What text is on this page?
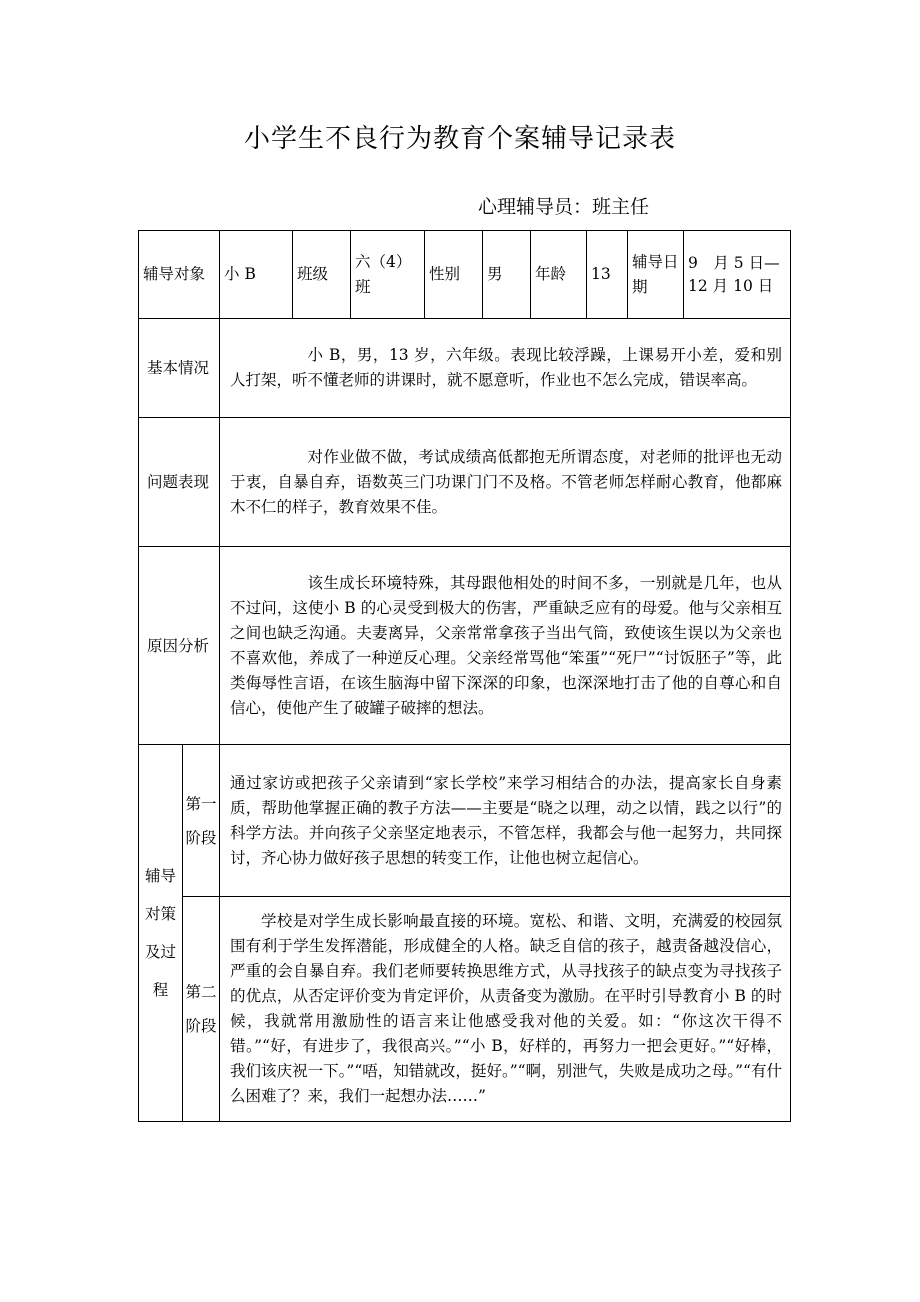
小学生不良行为教育个案辅导记录表
心理辅导员：班主任
辅导对象		小 B	班级	六（4）班	性别	男	年龄	13	辅导日期	9　月 5 日—12 月 10 日
基本情况		小 B，男，13 岁，六年级。表现比较浮躁，上课易开小差，爱和别人打架，听不懂老师的讲课时，就不愿意听，作业也不怎么完成，错误率高。								
问题表现		对作业做不做，考试成绩高低都抱无所谓态度，对老师的批评也无动于衷，自暴自弃，语数英三门功课门门不及格。不管老师怎样耐心教育，他都麻木不仁的样子，教育效果不佳。								
原因分析		该生成长环境特殊，其母跟他相处的时间不多，一别就是几年，也从不过问，这使小 B 的心灵受到极大的伤害，严重缺乏应有的母爱。他与父亲相互之间也缺乏沟通。夫妻离异，父亲常常拿孩子当出气筒，致使该生误以为父亲也不喜欢他，养成了一种逆反心理。父亲经常骂他“笨蛋”“死尸”“讨饭胚子”等，此类侮辱性言语，在该生脑海中留下深深的印象，也深深地打击了他的自尊心和自信心，使他产生了破罐子破摔的想法。								
辅导对策及过程	第一阶段	通过家访或把孩子父亲请到“家长学校”来学习相结合的办法，提高家长自身素质，帮助他掌握正确的教子方法——主要是“晓之以理，动之以情，践之以行”的科学方法。并向孩子父亲坚定地表示，不管怎样，我都会与他一起努力，共同探讨，齐心协力做好孩子思想的转变工作，让他也树立起信心。								
	第二阶段	学校是对学生成长影响最直接的环境。宽松、和谐、文明，充满爱的校园氛围有利于学生发挥潜能，形成健全的人格。缺乏自信的孩子，越责备越没信心，严重的会自暴自弃。我们老师要转换思维方式，从寻找孩子的缺点变为寻找孩子的优点，从否定评价变为肯定评价，从责备变为激励。在平时引导教育小 B 的时候，我就常用激励性的语言来让他感受我对他的关爱。如：“你这次干得不错。”“好，有进步了，我很高兴。”“小 B，好样的，再努力一把会更好。”“好棒，我们该庆祝一下。”“唔，知错就改，挺好。”“啊，别泄气，失败是成功之母。”“有什么困难了？来，我们一起想办法……”								
